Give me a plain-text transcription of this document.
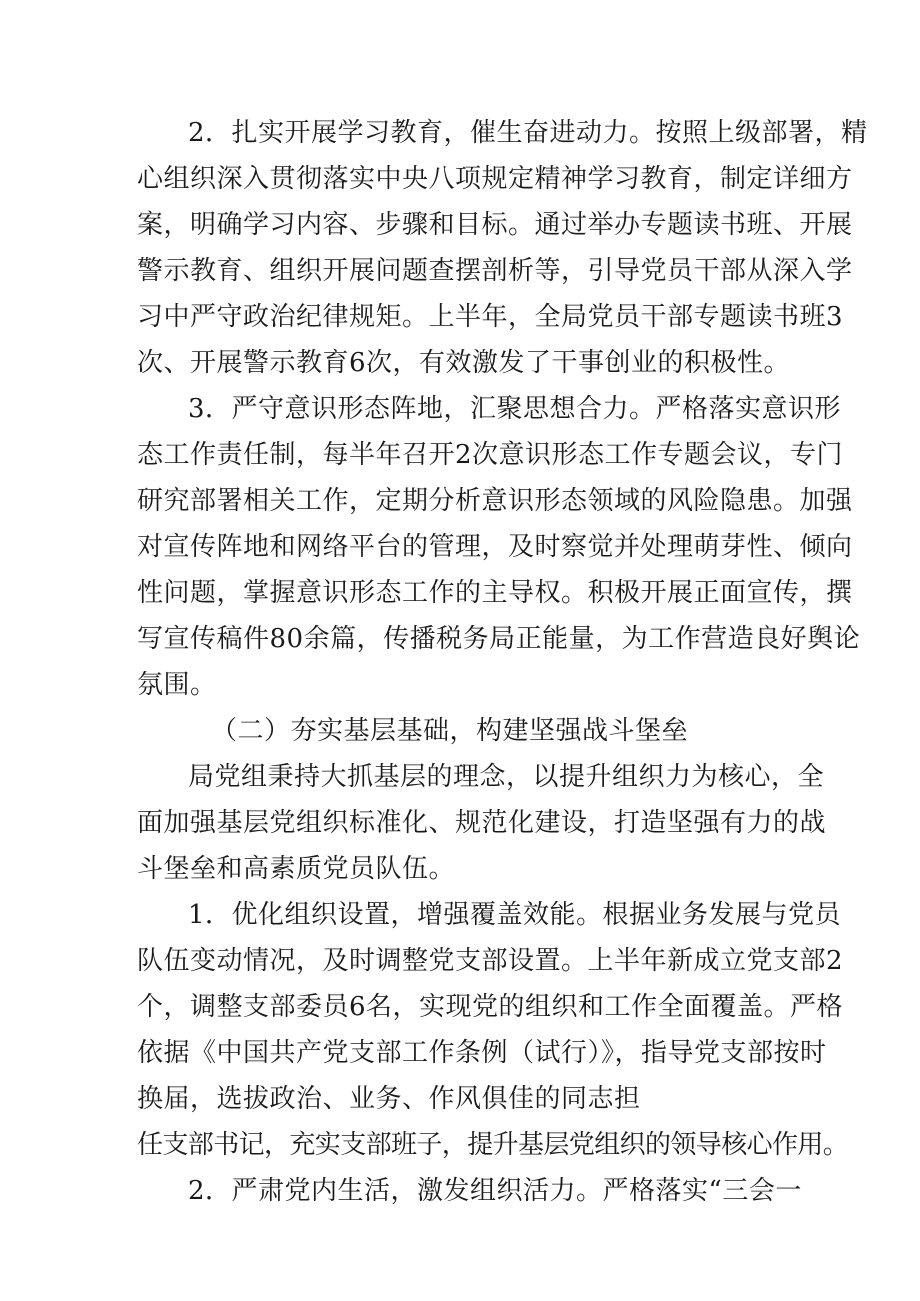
2．扎实开展学习教育，催生奋进动力。按照上级部署，精
心组织深入贯彻落实中央八项规定精神学习教育，制定详细方
案，明确学习内容、步骤和目标。通过举办专题读书班、开展
警示教育、组织开展问题查摆剖析等，引导党员干部从深入学
习中严守政治纪律规矩。上半年，全局党员干部专题读书班3
次、开展警示教育6次，有效激发了干事创业的积极性。
3．严守意识形态阵地，汇聚思想合力。严格落实意识形
态工作责任制，每半年召开2次意识形态工作专题会议，专门
研究部署相关工作，定期分析意识形态领域的风险隐患。加强
对宣传阵地和网络平台的管理，及时察觉并处理萌芽性、倾向
性问题，掌握意识形态工作的主导权。积极开展正面宣传，撰
写宣传稿件80余篇，传播税务局正能量，为工作营造良好舆论
氛围。
（二）夯实基层基础，构建坚强战斗堡垒
局党组秉持大抓基层的理念，以提升组织力为核心，全
面加强基层党组织标准化、规范化建设，打造坚强有力的战
斗堡垒和高素质党员队伍。
1．优化组织设置，增强覆盖效能。根据业务发展与党员
队伍变动情况，及时调整党支部设置。上半年新成立党支部2
个，调整支部委员6名，实现党的组织和工作全面覆盖。严格
依据《中国共产党支部工作条例（试行）》，指导党支部按时
换届，选拔政治、业务、作风俱佳的同志担
任支部书记，充实支部班子，提升基层党组织的领导核心作用。
2．严肃党内生活，激发组织活力。严格落实“三会一
